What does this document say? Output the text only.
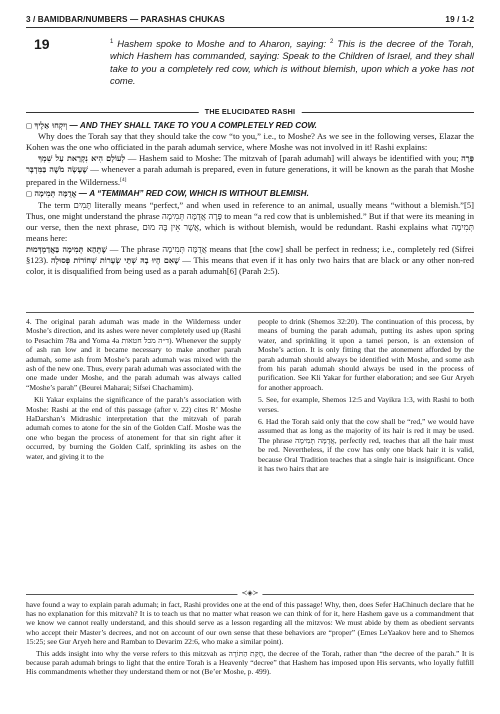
3 / BAMIDBAR/NUMBERS — PARASHAS CHUKAS	19 / 1-2
19	$^1$ Hashem spoke to Moshe and to Aharon, saying: $^2$ This is the decree of the Torah, which Hashem has commanded, saying: Speak to the Children of Israel, and they shall take to you a completely red cow, which is without blemish, upon which a yoke has not come.
THE ELUCIDATED RASHI

◻ וְיִקְחוּ אֵלֶיךָ — AND THEY SHALL TAKE TO YOU A COMPLETELY RED COW.

Why does the Torah say that they should take the cow “to you,” i.e., to Moshe? As we see in the following verses, Elazar the Kohen was the one who officiated in the parah adumah service, where Moshe was not involved in it! Rashi explains:

לְעוֹלָם הִיא נִקְרֵאת עַל שִׁמְךָ — Hashem said to Moshe: The mitzvah of [parah adumah] will always be identified with you; פָּרָה שֶׁעָשָׂה מֹשֶׁה בַּמִּדְבָּר — whenever a parah adumah is prepared, even in future generations, it will be known as the parah that Moshe prepared in the Wilderness.[4]

◻ אֲדֻמָּה תְּמִימָה — A “TEMIMAH” RED COW, WHICH IS WITHOUT BLEMISH.

The term תָּמִים literally means “perfect,” and when used in reference to an animal, usually means “without a blemish.”[5] Thus, one might understand the phrase פָּרָה אֲדֻמָּה תְּמִימָה to mean “a red cow that is unblemished.” But if that were its meaning in our verse, then the next phrase, אֲשֶׁר אֵין בָּהּ מוּם, which is without blemish, would be redundant. Rashi explains what תְּמִימָה means here:

שֶׁתְּהֵא תְּמִימָה בַּאֲדַמְדְּמוּת — The phrase אֲדֻמָּה תְּמִימָה means that [the cow] shall be perfect in redness; i.e., completely red (Sifrei §123). שֶׁאִם הָיוּ בָהּ שְׁתֵּי שְׂעָרוֹת שְׁחוֹרוֹת פְּסוּלָה — This means that even if it has only two hairs that are black or any other non-red color, it is disqualified from being used as a parah adumah[6] (Parah 2:5).

4. The original parah adumah was made in the Wilderness under Moshe’s direction, and its ashes were never completely used up (Rashi to Pesachim 78a and Yoma 4a ד״ה מכל חטאות). Whenever the supply of ash ran low and it became necessary to make another parah adumah, some ash from Moshe’s parah adumah was mixed with the ash of the new one. Thus, every parah adumah was associated with the one made under Moshe, and the parah adumah was always called “Moshe’s parah” (Beurei Maharai; Sifsei Chachamim).

Kli Yakar explains the significance of the parah’s association with Moshe: Rashi at the end of this passage (after v. 22) cites R’ Moshe HaDarshan’s Midrashic interpretation that the mitzvah of parah adumah comes to atone for the sin of the Golden Calf. Moshe was the one who began the process of atonement for that sin right after it occurred, by burning the Golden Calf, sprinkling its ashes on the water, and giving it to the

people to drink (Shemos 32:20). The continuation of this process, by means of burning the parah adumah, putting its ashes upon spring water, and sprinkling it upon a tamei person, is an extension of Moshe’s action. It is only fitting that the atonement afforded by the parah adumah should always be identified with Moshe, and some ash from his parah adumah should always be used in the process of purification. See Kli Yakar for further elaboration; and see Gur Aryeh for another approach.

5. See, for example, Shemos 12:5 and Vayikra 1:3, with Rashi to both verses.

6. Had the Torah said only that the cow shall be “red,” we would have assumed that as long as the majority of its hair is red it may be used. The phrase אֲדֻמָּה תְּמִימָה, perfectly red, teaches that all the hair must be red. Nevertheless, if the cow has only one black hair it is valid, because Oral Tradition teaches that a single hair is insignificant. Once it has two hairs that are

≺◈≻

have found a way to explain parah adumah; in fact, Rashi provides one at the end of this passage! Why, then, does Sefer HaChinuch declare that he has no explanation for this mitzvah? It is to teach us that no matter what reason we can think of for it, here Hashem gave us a commandment that we know we cannot really understand, and this should serve as a lesson regarding all the mitzvos: We must abide by them as obedient servants who accept their Master’s decrees, and not on account of our own sense that these behaviors are “proper” (Emes LeYaakov here and to Shemos 15:25; see Gur Aryeh here and Ramban to Devarim 22:6, who make a similar point).

This adds insight into why the verse refers to this mitzvah as חֻקַּת הַתּוֹרָה, the decree of the Torah, rather than “the decree of the parah.” It is because parah adumah brings to light that the entire Torah is a Heavenly “decree” that Hashem has imposed upon His servants, who loyally fulfill His commandments whether they understand them or not (Be’er Moshe, p. 499).
